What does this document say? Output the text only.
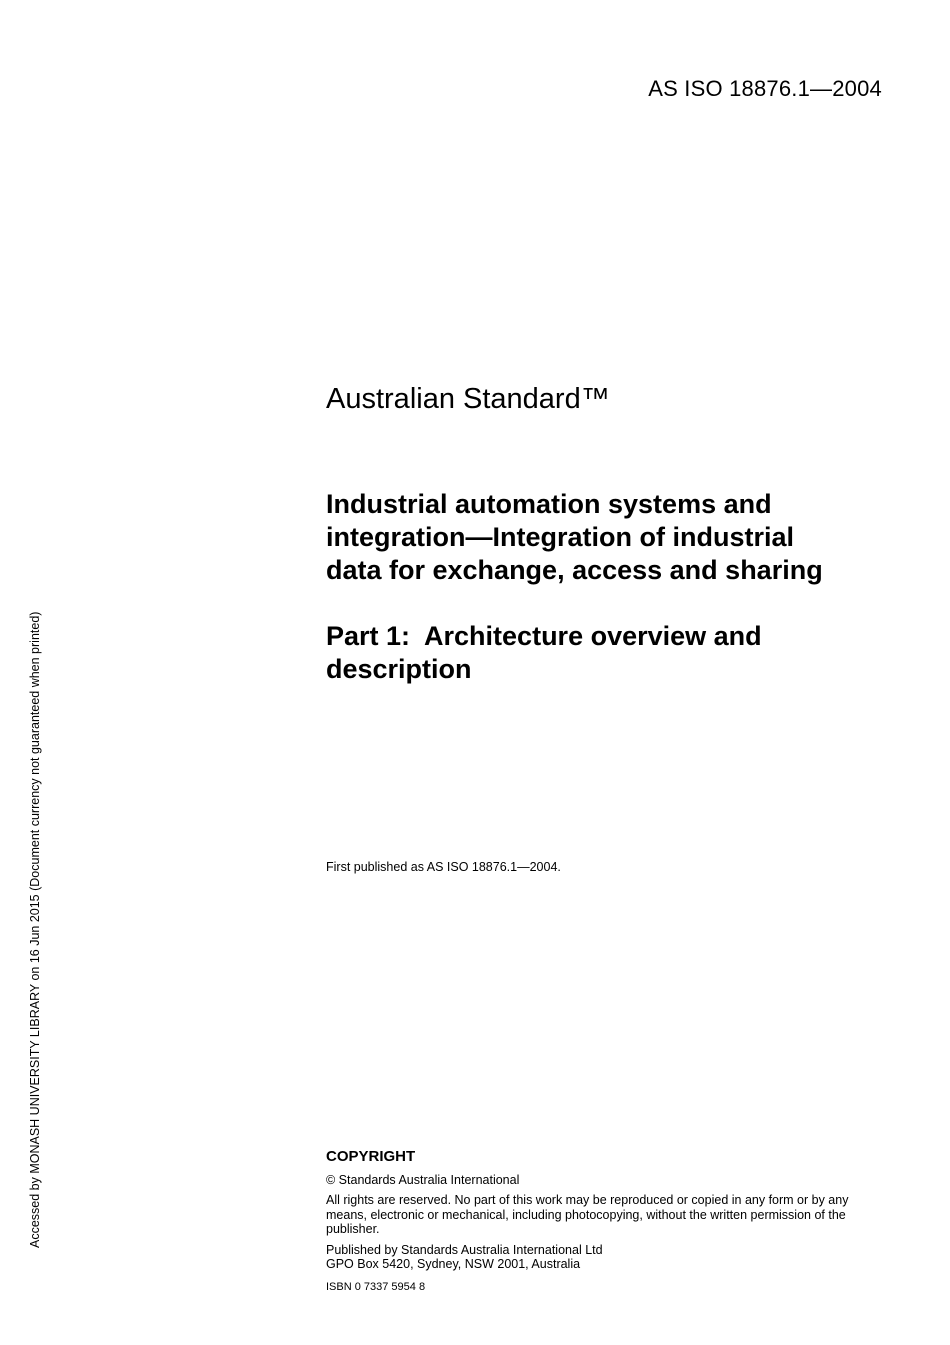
AS ISO 18876.1—2004
Accessed by MONASH UNIVERSITY LIBRARY on 16 Jun 2015 (Document currency not guaranteed when printed)
Australian Standard™
Industrial automation systems and
integration—Integration of industrial
data for exchange, access and sharing
Part 1:  Architecture overview and
description
First published as AS ISO 18876.1—2004.
COPYRIGHT

© Standards Australia International

All rights are reserved. No part of this work may be reproduced or copied in any form or by any means, electronic or mechanical, including photocopying, without the written permission of the publisher.

Published by Standards Australia International Ltd
GPO Box 5420, Sydney, NSW 2001, Australia
ISBN 0 7337 5954 8
